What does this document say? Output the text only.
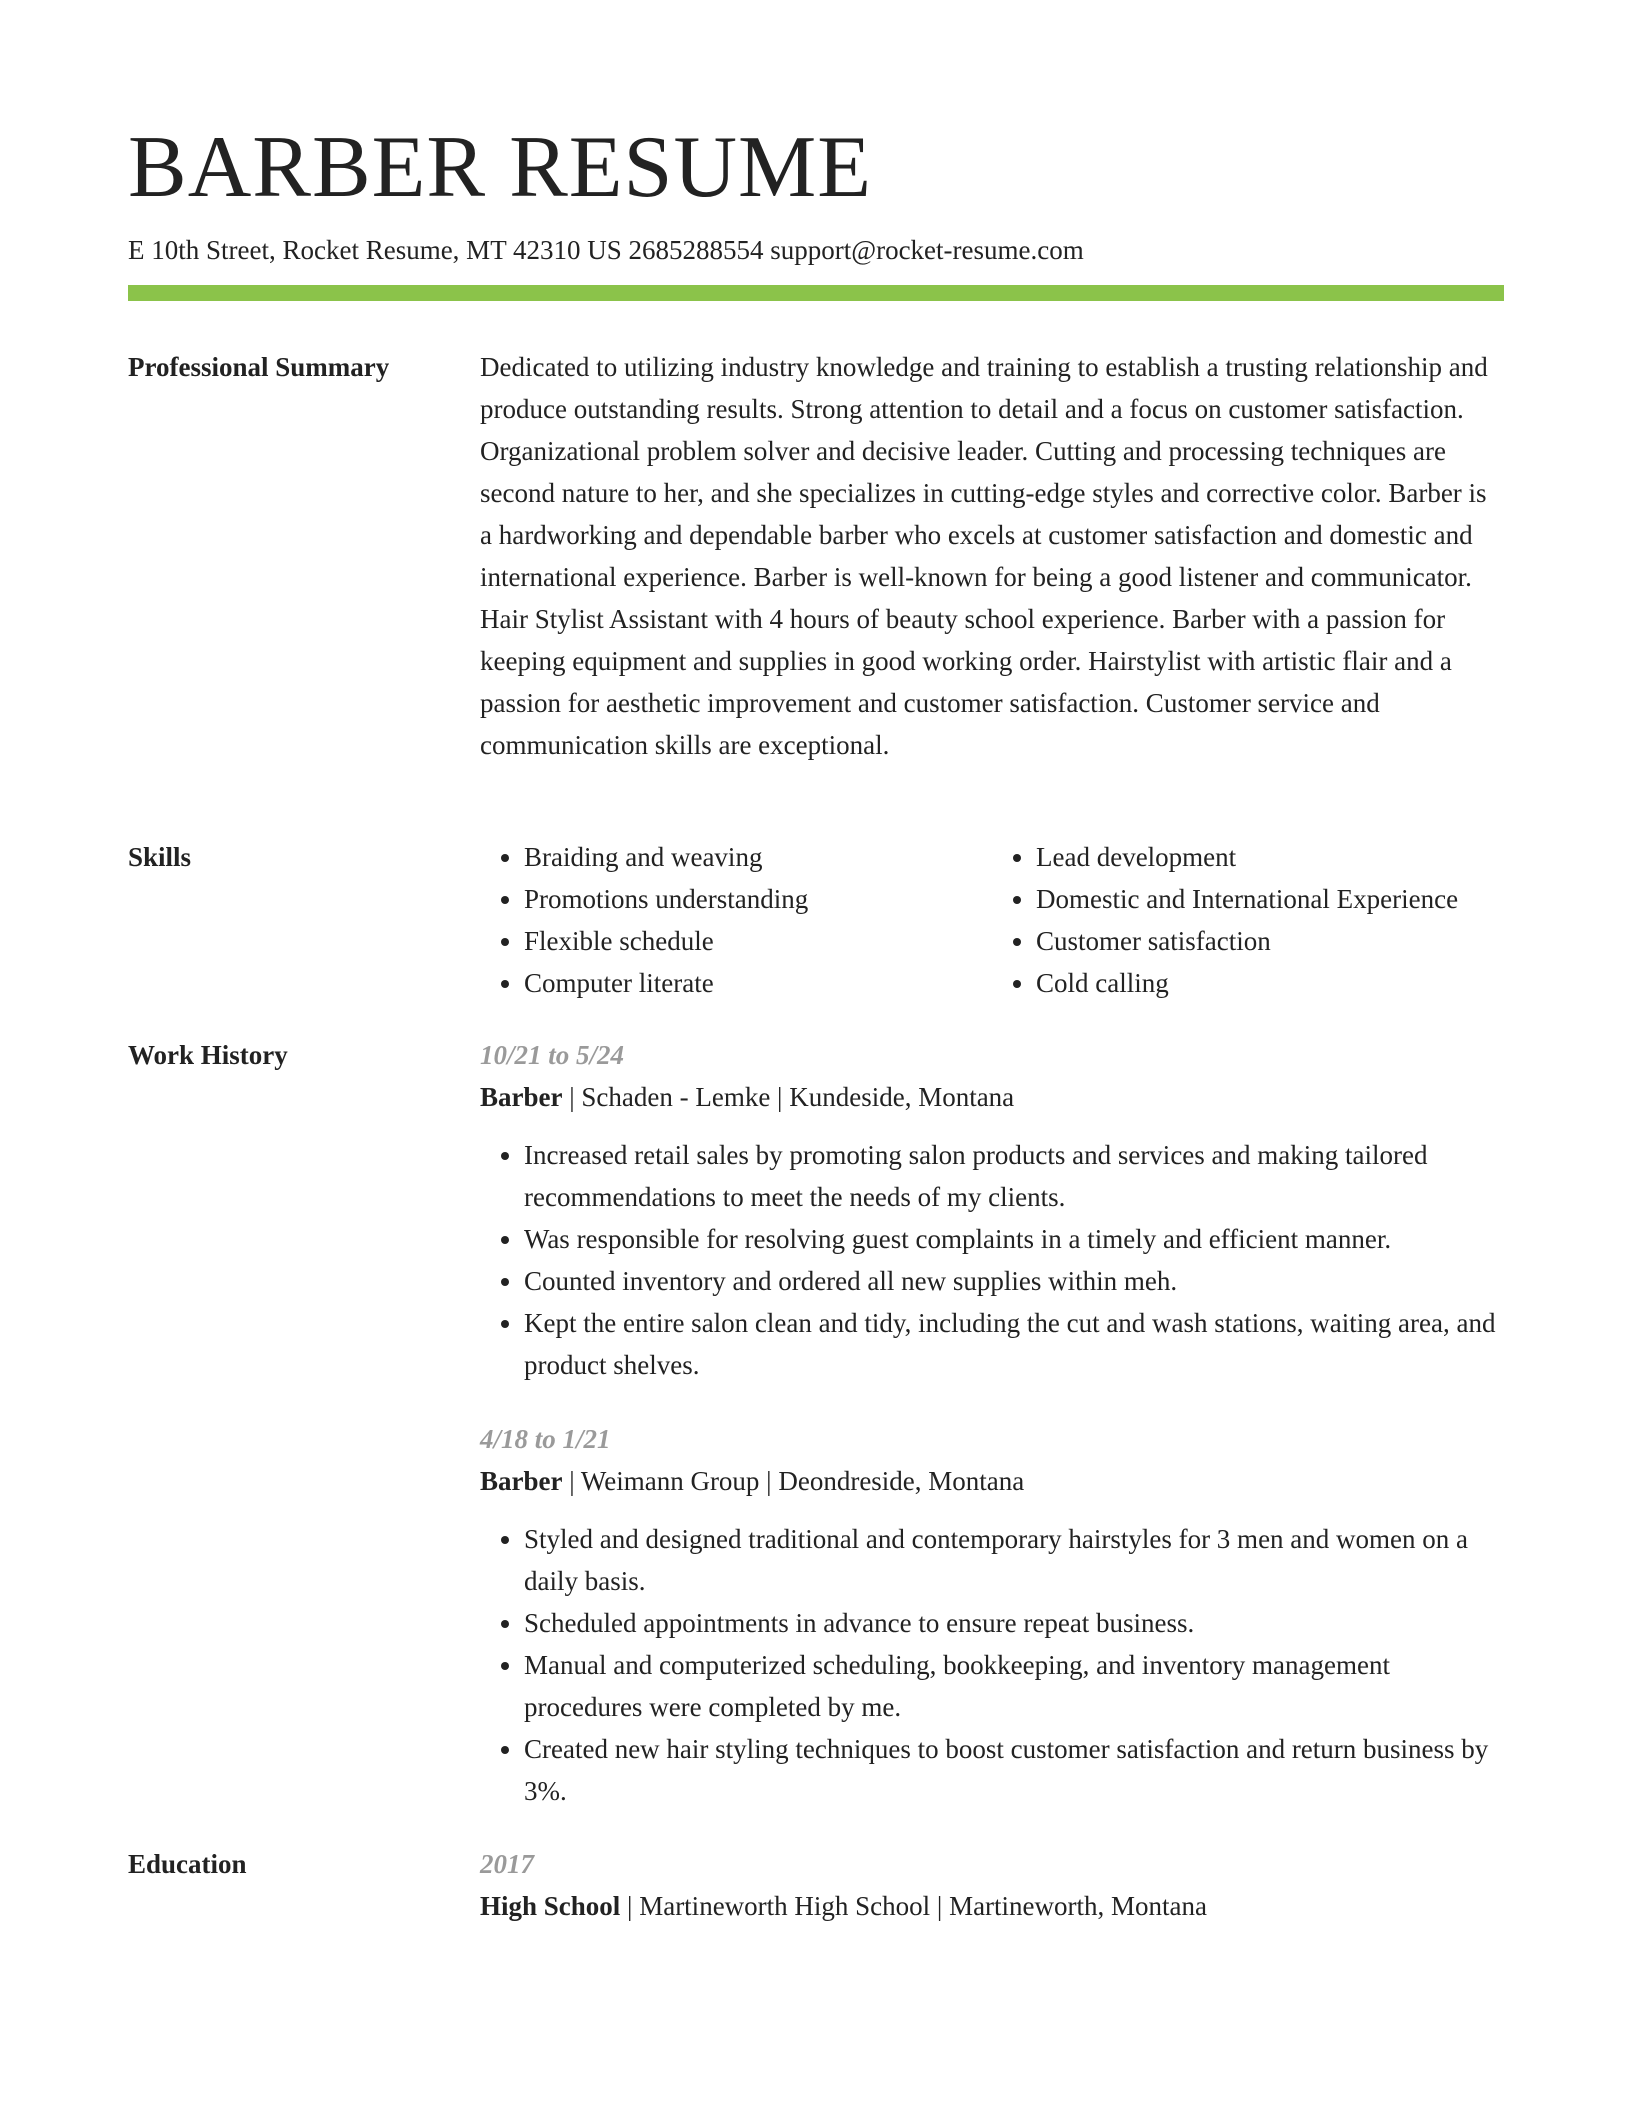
BARBER RESUME
E 10th Street, Rocket Resume, MT 42310 US 2685288554 support@rocket-resume.com
Professional Summary	Dedicated to utilizing industry knowledge and training to establish a trusting relationship and produce outstanding results. Strong attention to detail and a focus on customer satisfaction. Organizational problem solver and decisive leader. Cutting and processing techniques are second nature to her, and she specializes in cutting-edge styles and corrective color. Barber is a hardworking and dependable barber who excels at customer satisfaction and domestic and international experience. Barber is well-known for being a good listener and communicator. Hair Stylist Assistant with 4 hours of beauty school experience. Barber with a passion for keeping equipment and supplies in good working order. Hairstylist with artistic flair and a passion for aesthetic improvement and customer satisfaction. Customer service and communication skills are exceptional.

Skills
•	Braiding and weaving
• Promotions understanding
• Flexible schedule
• Computer literate
• Lead development
• Domestic and International Experience
• Customer satisfaction
• Cold calling
Work History	10/21 to 5/24
Barber | Schaden - Lemke | Kundeside, Montana
• Increased retail sales by promoting salon products and services and making tailored recommendations to meet the needs of my clients.
• Was responsible for resolving guest complaints in a timely and efficient manner.
• Counted inventory and ordered all new supplies within meh.
• Kept the entire salon clean and tidy, including the cut and wash stations, waiting area, and product shelves.
4/18 to 1/21
Barber | Weimann Group | Deondreside, Montana
• Styled and designed traditional and contemporary hairstyles for 3 men and women on a daily basis.
• Scheduled appointments in advance to ensure repeat business.
• Manual and computerized scheduling, bookkeeping, and inventory management procedures were completed by me.
• Created new hair styling techniques to boost customer satisfaction and return business by 3%.
Education	2017
High School | Martineworth High School | Martineworth, Montana
